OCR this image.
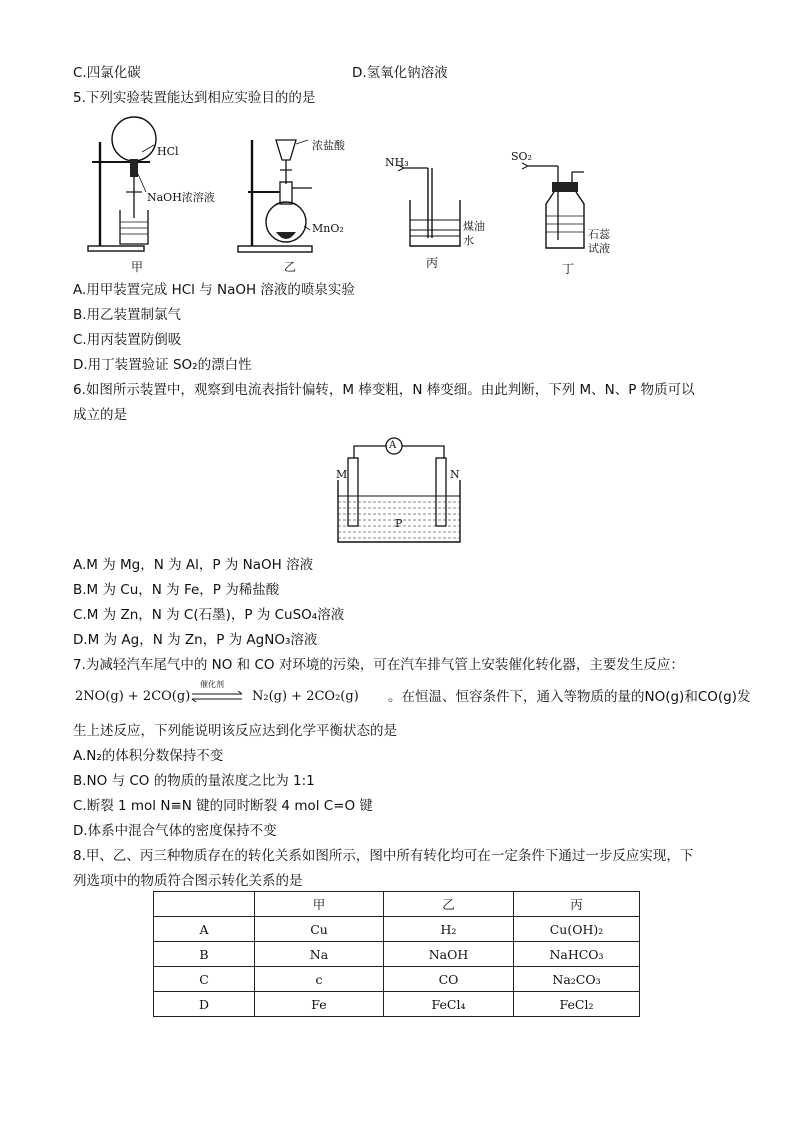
C.四氯化碳	D.氢氧化钠溶液
5.下列实验装置能达到相应实验目的的是
HCl
NaOH浓溶液
甲
浓盐酸
MnO₂
乙
NH₃
煤油
水
丙
SO₂
石蕊
试液
丁
A.用甲装置完成 HCl 与 NaOH 溶液的喷泉实验
B.用乙装置制氯气
C.用丙装置防倒吸
D.用丁装置验证 SO₂的漂白性
6.如图所示装置中，观察到电流表指针偏转，M 棒变粗，N 棒变细。由此判断，下列 M、N、P 物质可以
成立的是
A
M	N
P
A.M 为 Mg，N 为 Al，P 为 NaOH 溶液
B.M 为 Cu，N 为 Fe，P 为稀盐酸
C.M 为 Zn，N 为 C(石墨)，P 为 CuSO₄溶液
D.M 为 Ag，N 为 Zn，P 为 AgNO₃溶液
7.为减轻汽车尾气中的 NO 和 CO 对环境的污染，可在汽车排气管上安装催化转化器，主要发生反应：
2NO(g) + 2CO(g)
催化剂
N₂(g) + 2CO₂(g) 。在恒温、恒容条件下，通入等物质的量的NO(g)和CO(g)发
生上述反应，下列能说明该反应达到化学平衡状态的是
A.N₂的体积分数保持不变
B.NO 与 CO 的物质的量浓度之比为 1:1
C.断裂 1 mol N≡N 键的同时断裂 4 mol C=O 键
D.体系中混合气体的密度保持不变
8.甲、乙、丙三种物质存在的转化关系如图所示，图中所有转化均可在一定条件下通过一步反应实现，下
列选项中的物质符合图示转化关系的是
	甲	乙	丙
A	Cu	H₂	Cu(OH)₂
B	Na	NaOH	NaHCO₃
C	c	CO	Na₂CO₃
D	Fe	FeCl₄	FeCl₂
